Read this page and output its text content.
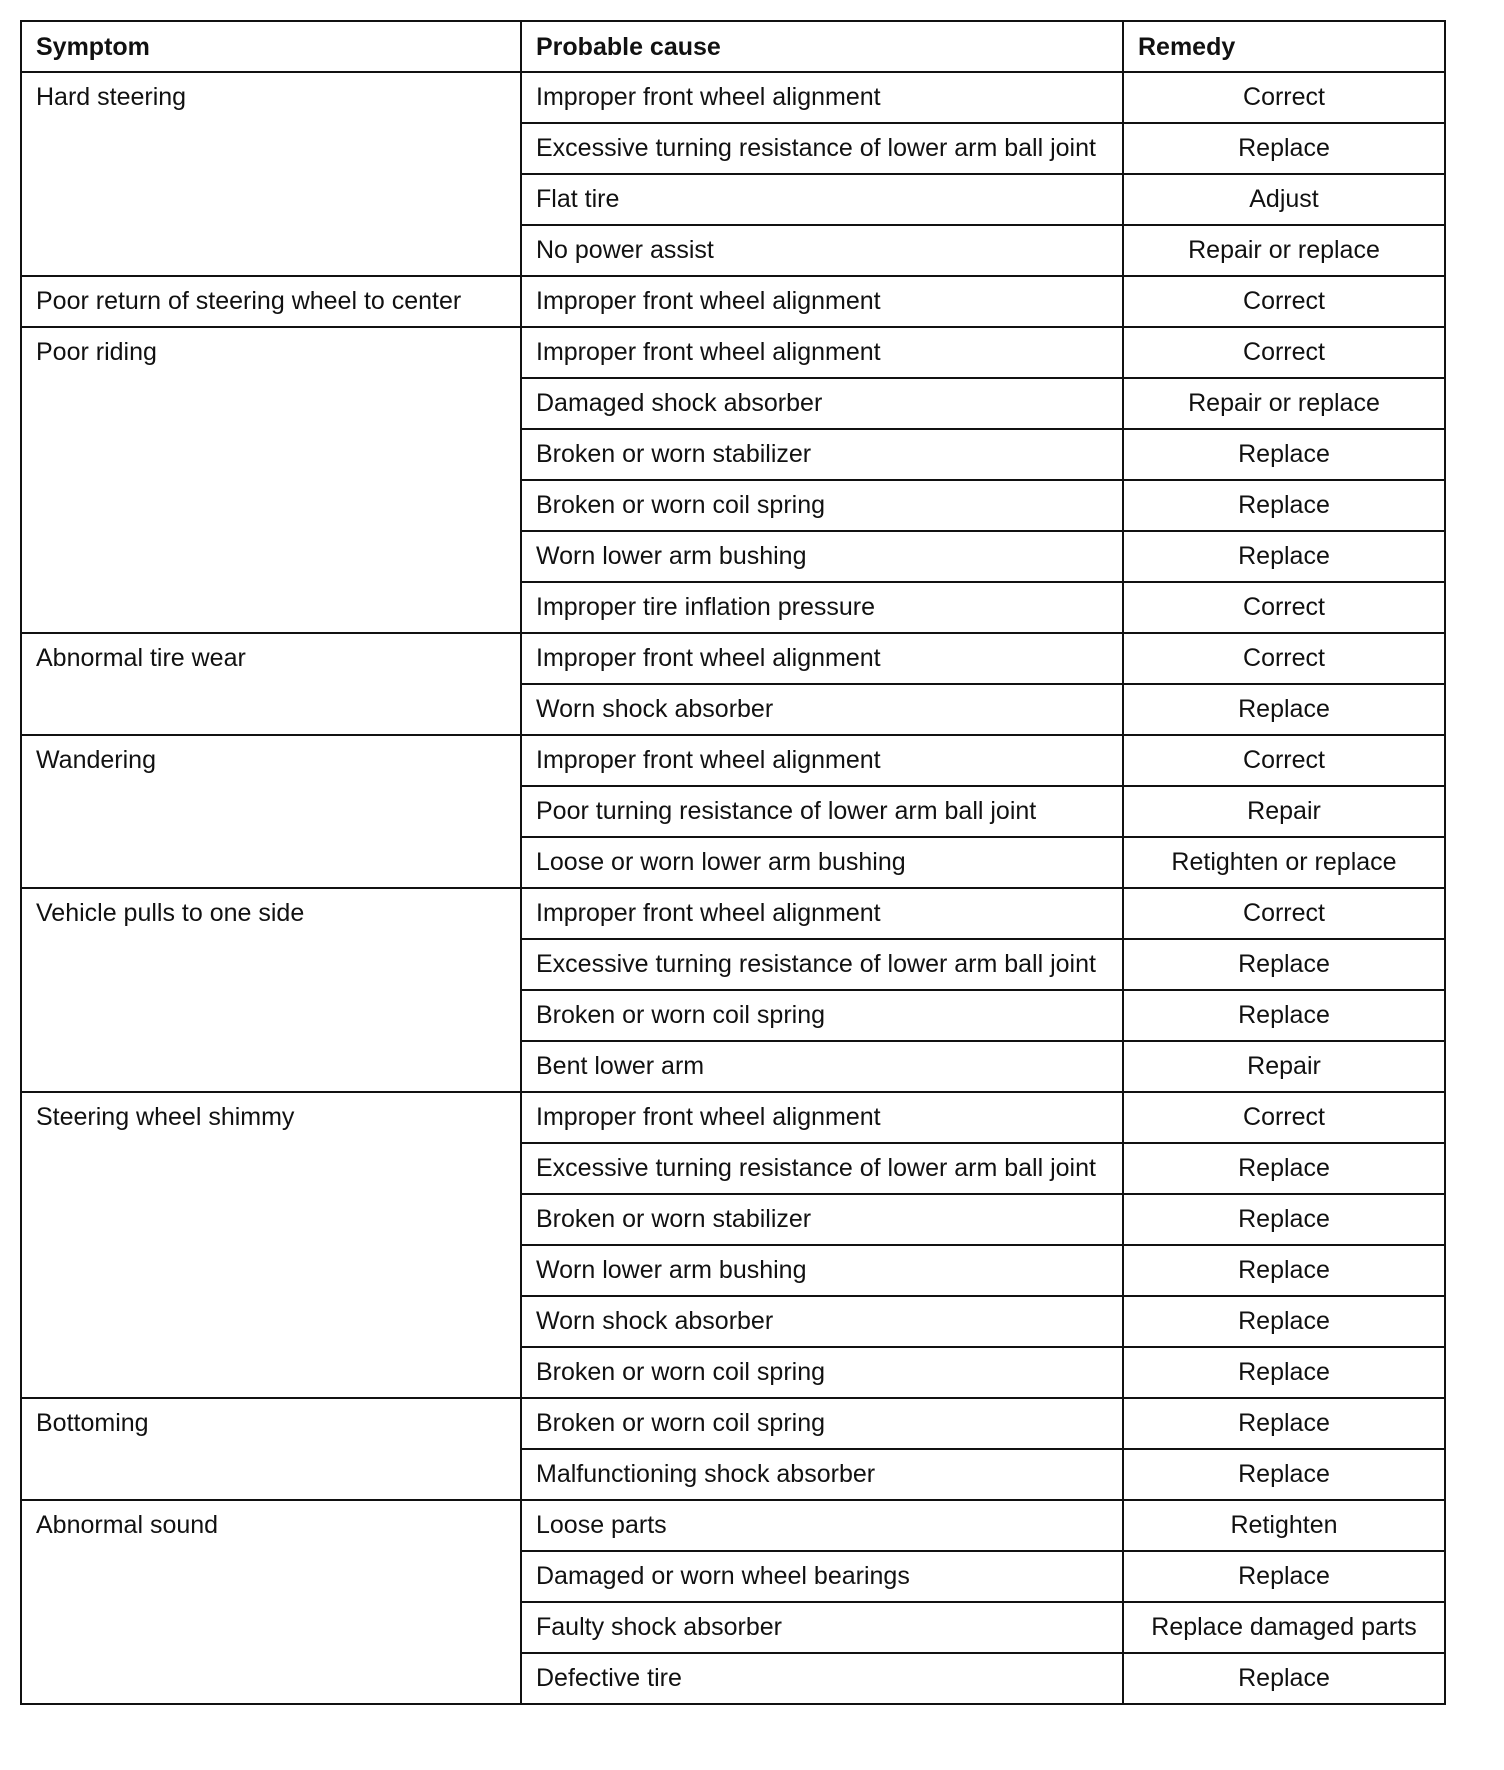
Symptom	Probable cause	Remedy
Hard steering	Improper front wheel alignment	Correct
	Excessive turning resistance of lower arm ball joint	Replace
	Flat tire	Adjust
	No power assist	Repair or replace
Poor return of steering wheel to center	Improper front wheel alignment	Correct
Poor riding	Improper front wheel alignment	Correct
	Damaged shock absorber	Repair or replace
	Broken or worn stabilizer	Replace
	Broken or worn coil spring	Replace
	Worn lower arm bushing	Replace
	Improper tire inflation pressure	Correct
Abnormal tire wear	Improper front wheel alignment	Correct
	Worn shock absorber	Replace
Wandering	Improper front wheel alignment	Correct
	Poor turning resistance of lower arm ball joint	Repair
	Loose or worn lower arm bushing	Retighten or replace
Vehicle pulls to one side	Improper front wheel alignment	Correct
	Excessive turning resistance of lower arm ball joint	Replace
	Broken or worn coil spring	Replace
	Bent lower arm	Repair
Steering wheel shimmy	Improper front wheel alignment	Correct
	Excessive turning resistance of lower arm ball joint	Replace
	Broken or worn stabilizer	Replace
	Worn lower arm bushing	Replace
	Worn shock absorber	Replace
	Broken or worn coil spring	Replace
Bottoming	Broken or worn coil spring	Replace
	Malfunctioning shock absorber	Replace
Abnormal sound	Loose parts	Retighten
	Damaged or worn wheel bearings	Replace
	Faulty shock absorber	Replace damaged parts
	Defective tire	Replace
